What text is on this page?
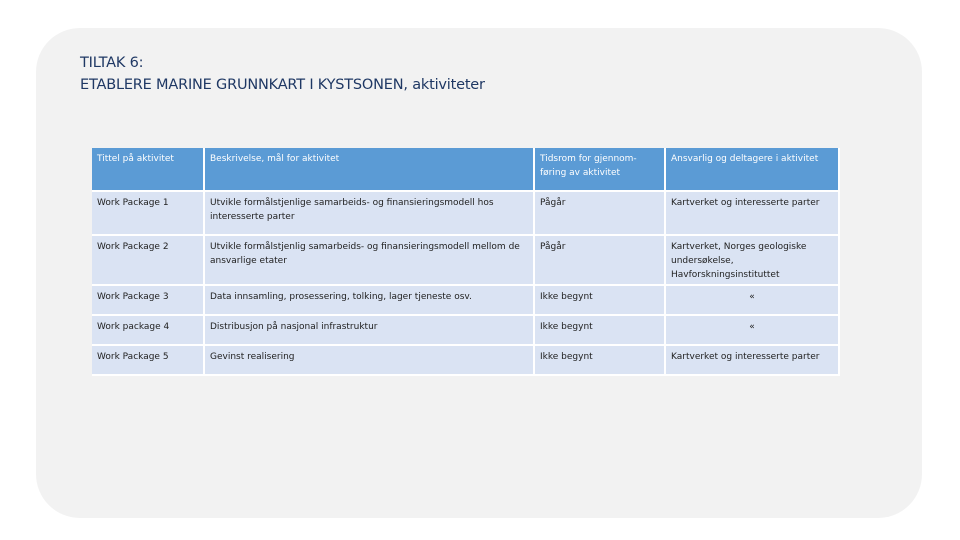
TILTAK 6:
ETABLERE MARINE GRUNNKART I KYSTSONEN, aktiviteter
Tittel på aktivitet	Beskrivelse, mål for aktivitet	Tidsrom for gjennom-føring av aktivitet	Ansvarlig og deltagere i aktivitet
Work Package 1	Utvikle formålstjenlige samarbeids- og finansieringsmodell hos interesserte parter	Pågår	Kartverket og interesserte parter
Work Package 2	Utvikle formålstjenlig samarbeids- og finansieringsmodell mellom de ansvarlige etater	Pågår	Kartverket, Norges geologiske undersøkelse, Havforskningsinstituttet
Work Package 3	Data innsamling, prosessering, tolking, lager tjeneste osv.	Ikke begynt	«
Work package 4	Distribusjon på nasjonal infrastruktur	Ikke begynt	«
Work Package 5	Gevinst realisering	Ikke begynt	Kartverket og interesserte parter
